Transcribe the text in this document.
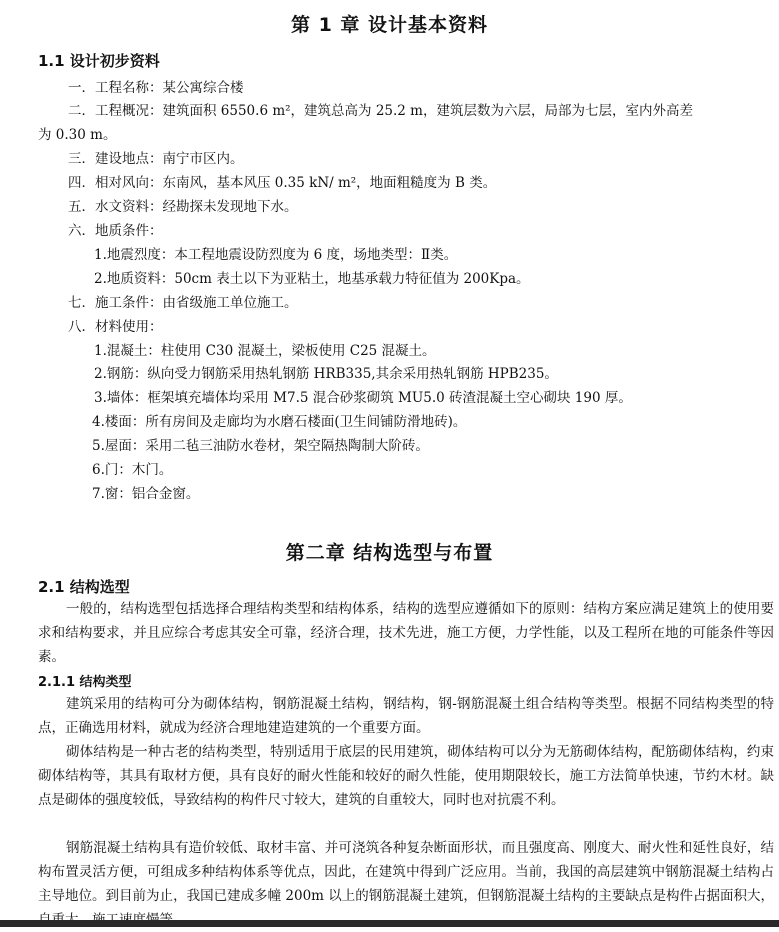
第 1 章 设计基本资料
1.1 设计初步资料
一．工程名称：某公寓综合楼
二．工程概况：建筑面积 6550.6 m²，建筑总高为 25.2 m，建筑层数为六层，局部为七层，室内外高差
为 0.30 m。
三．建设地点：南宁市区内。
四．相对风向：东南风，基本风压 0.35 kN/ m²，地面粗糙度为 B 类。
五．水文资料：经勘探未发现地下水。
六．地质条件：
1.地震烈度：本工程地震设防烈度为 6 度，场地类型：Ⅱ类。
2.地质资料：50cm 表土以下为亚粘土，地基承载力特征值为 200Kpa。
七．施工条件：由省级施工单位施工。
八．材料使用：
1.混凝土：柱使用 C30 混凝土，梁板使用 C25 混凝土。
2.钢筋：纵向受力钢筋采用热轧钢筋 HRB335,其余采用热轧钢筋 HPB235。
3.墙体：框架填充墙体均采用 M7.5 混合砂浆砌筑 MU5.0 砖渣混凝土空心砌块 190 厚。
4.楼面：所有房间及走廊均为水磨石楼面(卫生间铺防滑地砖)。
5.屋面：采用二毡三油防水卷材，架空隔热陶制大阶砖。
6.门：木门。
7.窗：铝合金窗。
第二章 结构选型与布置
2.1 结构选型
一般的，结构选型包括选择合理结构类型和结构体系，结构的选型应遵循如下的原则：结构方案应满足建筑上的使用要求和结构要求，并且应综合考虑其安全可靠，经济合理，技术先进，施工方便，力学性能，以及工程所在地的可能条件等因素。
2.1.1 结构类型
建筑采用的结构可分为砌体结构，钢筋混凝土结构，钢结构，钢-钢筋混凝土组合结构等类型。根据不同结构类型的特点，正确选用材料，就成为经济合理地建造建筑的一个重要方面。
砌体结构是一种古老的结构类型，特别适用于底层的民用建筑，砌体结构可以分为无筋砌体结构，配筋砌体结构，约束砌体结构等，其具有取材方便，具有良好的耐火性能和较好的耐久性能，使用期限较长，施工方法简单快速，节约木材。缺点是砌体的强度较低，导致结构的构件尺寸较大，建筑的自重较大，同时也对抗震不利。
钢筋混凝土结构具有造价较低、取材丰富、并可浇筑各种复杂断面形状，而且强度高、刚度大、耐火性和延性良好，结构布置灵活方便，可组成多种结构体系等优点，因此，在建筑中得到广泛应用。当前，我国的高层建筑中钢筋混凝土结构占主导地位。到目前为止，我国已建成多幢 200m 以上的钢筋混凝土建筑，但钢筋混凝土结构的主要缺点是构件占据面积大，
